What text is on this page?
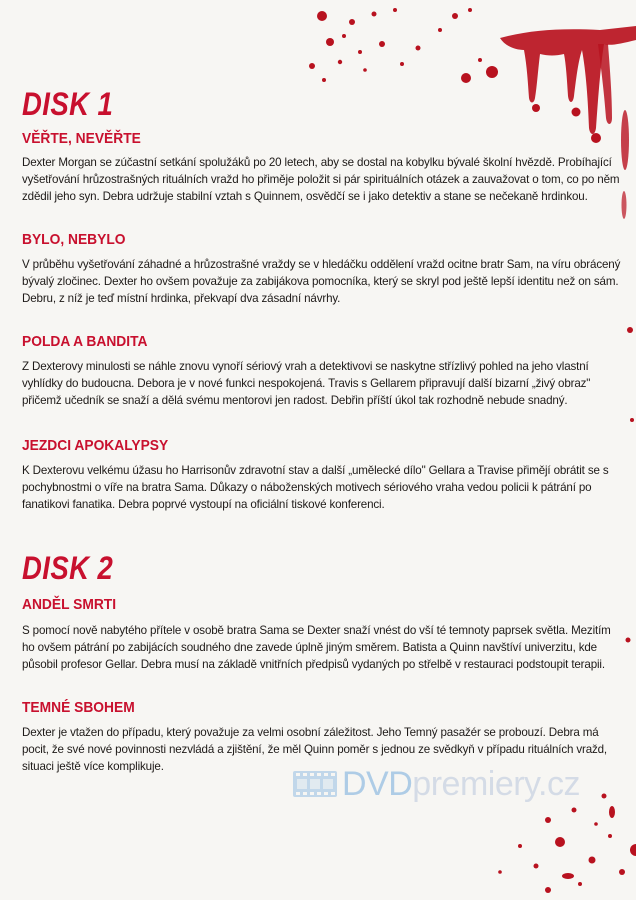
DISK 1
VĚŘTE, NEVĚŘTE

Dexter Morgan se zúčastní setkání spolužáků po 20 letech, aby se dostal na kobylku bývalé školní hvězdě. Probíhající vyšetřování hrůzostrašných rituálních vražd ho přiměje položit si pár spirituálních otázek a zauvažovat o tom, co po něm zdědil jeho syn. Debra udržuje stabilní vztah s Quinnem, osvědčí se i jako detektiv a stane se nečekaně hrdinkou.

BYLO, NEBYLO

V průběhu vyšetřování záhadné a hrůzostrašné vraždy se v hledáčku oddělení vražd ocitne bratr Sam, na víru obrácený bývalý zločinec. Dexter ho ovšem považuje za zabijákova pomocníka, který se skryl pod ještě lepší identitu než on sám. Debru, z níž je teď místní hrdinka, překvapí dva zásadní návrhy.

POLDA A BANDITA

Z Dexterovy minulosti se náhle znovu vynoří sériový vrah a detektivovi se naskytne střízlivý pohled na jeho vlastní vyhlídky do budoucna. Debora je v nové funkci nespokojená. Travis s Gellarem připravují další bizarní „živý obraz" přičemž učedník se snaží a dělá svému mentorovi jen radost. Debřin příští úkol tak rozhodně nebude snadný.

JEZDCI APOKALYPSY

K Dexterovu velkému úžasu ho Harrisonův zdravotní stav a další „umělecké dílo" Gellara a Travise přimějí obrátit se s pochybnostmi o víře na bratra Sama. Důkazy o náboženských motivech sériového vraha vedou policii k pátrání po fanatikovi fanatika. Debra poprvé vystoupí na oficiální tiskové konferenci.

DISK 2
ANDĚL SMRTI

S pomocí nově nabytého přítele v osobě bratra Sama se Dexter snaží vnést do vší té temnoty paprsek světla. Mezitím ho ovšem pátrání po zabijácích soudného dne zavede úplně jiným směrem. Batista a Quinn navštíví univerzitu, kde působil profesor Gellar. Debra musí na základě vnitřních předpisů vydaných po střelbě v restauraci podstoupit terapii.

TEMNÉ SBOHEM

Dexter je vtažen do případu, který považuje za velmi osobní záležitost. Jeho Temný pasažér se probouzí. Debra má pocit, že své nové povinnosti nezvládá a zjištění, že měl Quinn poměr s jednou ze svědkyň v případu rituálních vražd, situaci ještě více komplikuje.	DVDpremiery.cz
